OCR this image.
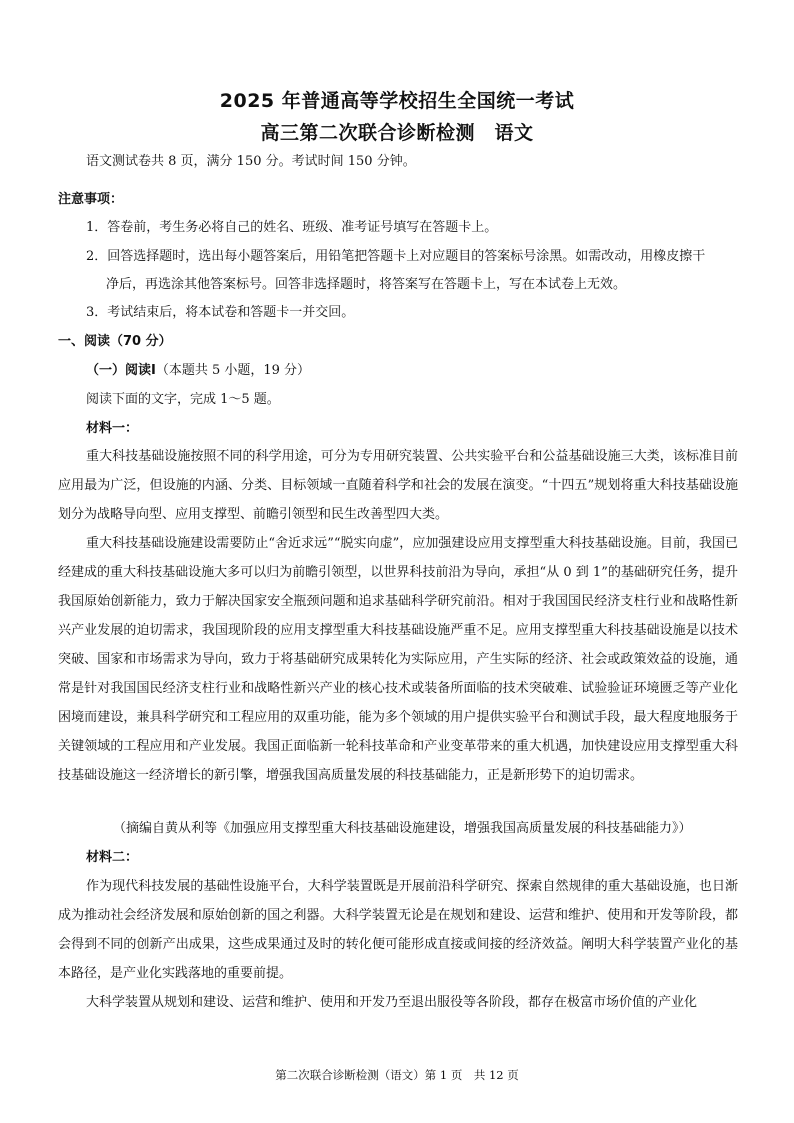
2025 年普通高等学校招生全国统一考试
高三第二次联合诊断检测　语文
语文测试卷共 8 页，满分 150 分。考试时间 150 分钟。
注意事项：
1．答卷前，考生务必将自己的姓名、班级、准考证号填写在答题卡上。
2．回答选择题时，选出每小题答案后，用铅笔把答题卡上对应题目的答案标号涂黑。如需改动，用橡皮擦干
净后，再选涂其他答案标号。回答非选择题时，将答案写在答题卡上，写在本试卷上无效。
3．考试结束后，将本试卷和答题卡一并交回。
一、阅读（70 分）
（一）阅读Ⅰ（本题共 5 小题，19 分）
阅读下面的文字，完成 1～5 题。
材料一：
重大科技基础设施按照不同的科学用途，可分为专用研究装置、公共实验平台和公益基础设施三大类，该标准目前应用最为广泛，但设施的内涵、分类、目标领域一直随着科学和社会的发展在演变。“十四五”规划将重大科技基础设施划分为战略导向型、应用支撑型、前瞻引领型和民生改善型四大类。
重大科技基础设施建设需要防止“舍近求远”“脱实向虚”，应加强建设应用支撑型重大科技基础设施。目前，我国已经建成的重大科技基础设施大多可以归为前瞻引领型，以世界科技前沿为导向，承担“从 0 到 1”的基础研究任务，提升我国原始创新能力，致力于解决国家安全瓶颈问题和追求基础科学研究前沿。相对于我国国民经济支柱行业和战略性新兴产业发展的迫切需求，我国现阶段的应用支撑型重大科技基础设施严重不足。应用支撑型重大科技基础设施是以技术突破、国家和市场需求为导向，致力于将基础研究成果转化为实际应用，产生实际的经济、社会或政策效益的设施，通常是针对我国国民经济支柱行业和战略性新兴产业的核心技术或装备所面临的技术突破难、试验验证环境匮乏等产业化困境而建设，兼具科学研究和工程应用的双重功能，能为多个领域的用户提供实验平台和测试手段，最大程度地服务于关键领域的工程应用和产业发展。我国正面临新一轮科技革命和产业变革带来的重大机遇，加快建设应用支撑型重大科技基础设施这一经济增长的新引擎，增强我国高质量发展的科技基础能力，正是新形势下的迫切需求。
（摘编自黄从利等《加强应用支撑型重大科技基础设施建设，增强我国高质量发展的科技基础能力》）
材料二：
作为现代科技发展的基础性设施平台，大科学装置既是开展前沿科学研究、探索自然规律的重大基础设施，也日渐成为推动社会经济发展和原始创新的国之利器。大科学装置无论是在规划和建设、运营和维护、使用和开发等阶段，都会得到不同的创新产出成果，这些成果通过及时的转化便可能形成直接或间接的经济效益。阐明大科学装置产业化的基本路径，是产业化实践落地的重要前提。
大科学装置从规划和建设、运营和维护、使用和开发乃至退出服役等各阶段，都存在极富市场价值的产业化
第二次联合诊断检测（语文）第 1 页　共 12 页
